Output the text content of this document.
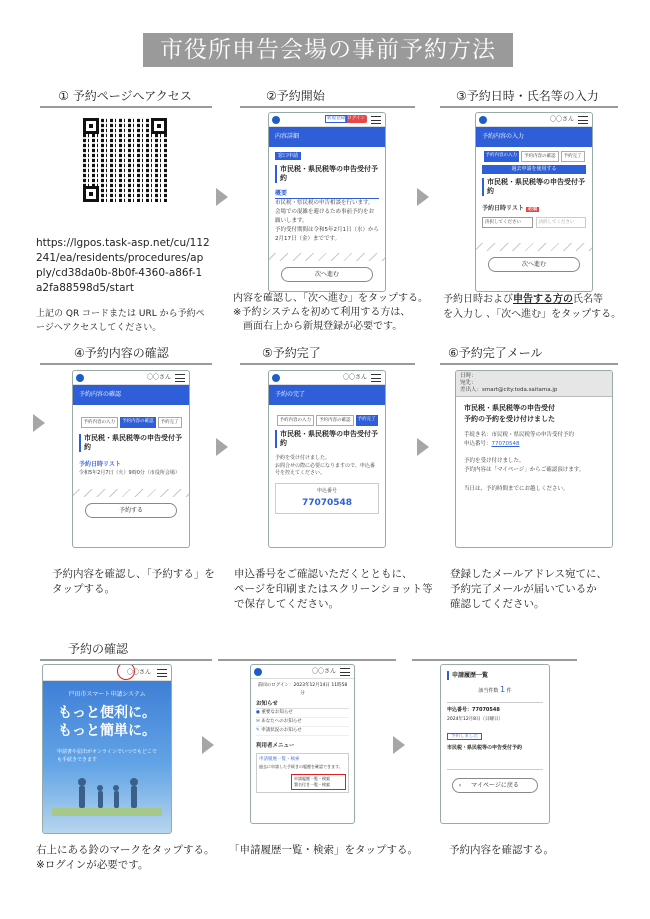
市役所申告会場の事前予約方法
① 予約ページへアクセス	②予約開始	③予約日時・氏名等の入力
https://lgpos.task-asp.net/cu/112
241/ea/residents/procedures/ap
ply/cd38da0b-8b0f-4360-a86f-1
a2fa88598d5/start
上記の QR コードまたは URL から予約ペ
ージへアクセスしてください。
ログイン
新規登録
内容詳細
窓口申請
市民税・県民税等の申告受付予約
概要
市民税・県民税の申告相談を行います。
会場での混雑を避けるため事前予約をお願いします。
予約受付期間は令和5年2月1日（水）から
2月17日（金）までです。
次へ進む
内容を確認し、「次へ進む」をタップする。
※予約システムを初めて利用する方は、
　画面右上から新規登録が必要です。
〇〇さん
予約内容の入力
予約内容の入力	予約内容の確認	予約完了
過去申請を使用する
市民税・県民税等の申告受付予約
予約日時リスト 必須
決択してください	決択してください
次へ進む
予約日時および申告する方の氏名等
を入力し 、「次へ進む」をタップする。
④予約内容の確認	⑤予約完了	⑥予約完了メール
〇〇さん
予約内容の確認
予約内容の入力	予約内容の確認	予約完了
市民税・県民税等の申告受付予約
予約日時リスト
令和5年2月7日（火）9時0分（市役所会場）
予約する
予約内容を確認し、「予約する」を
タップする。
〇〇さん
予約の完了
予約内容の入力	予約内容の確認	予約完了
市民税・県民税等の申告受付予約
予約を受け付けました。
お問合せの際に必要になりますので、申込番号を控えてください。
申込番号
77070548
申込番号をご確認いただくとともに、
ページを印刷またはスクリーンショット等
で保存してください。
日時：
宛先：
差出人：smart@city.toda.saitama.jp
市民税・県民税等の申告受付
予約の予約を受け付けました
手続き名：市民税・県民税等の申告受付予約
申込番号：77070548
予約を受け付けました。
予約内容は「マイページ」からご確認頂けます。
当日は、予約時間までにお越しください。
登録したメールアドレス宛てに、
予約完了メールが届いているか
確認してください。
予約の確認
〇〇さん
戸田市スマート申請システム
もっと便利に。
もっと簡単に。
申請書や届出がオンラインでいつでもどこでも手続きできます
右上にある鈴のマークをタップする。
※ログインが必要です。
〇〇さん
前回のログイン：2023年12月14日 11時58分
お知らせ
● 重要なお知らせ
✉ あなたへのお知らせ
✎ 申請状況のお知らせ
利用者メニュー
申請履歴一覧・検索
過去に申請した手続きの履歴を確認できます。
申請履歴一覧・検索
署名付き一覧・検索
「申請履歴一覧・検索」をタップする。
申請履歴一覧
該当件数 1 件
申込番号：77070548
2024年12月8日（日曜日）
予約しました
市民税・県民税等の申告受付予約
‹ マイページに戻る
予約内容を確認する。
